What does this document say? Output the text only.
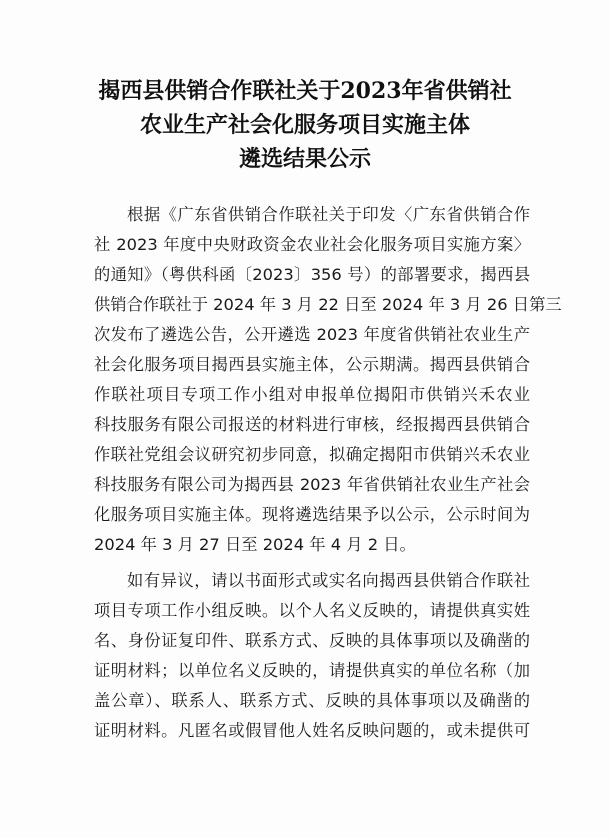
揭西县供销合作联社关于2023年省供销社
农业生产社会化服务项目实施主体
遴选结果公示
根据《广东省供销合作联社关于印发〈广东省供销合作
社 2023 年度中央财政资金农业社会化服务项目实施方案〉
的通知》（粤供科函〔2023〕356 号）的部署要求，揭西县
供销合作联社于 2024 年 3 月 22 日至 2024 年 3 月 26 日第三
次发布了遴选公告，公开遴选 2023 年度省供销社农业生产
社会化服务项目揭西县实施主体，公示期满。揭西县供销合
作联社项目专项工作小组对申报单位揭阳市供销兴禾农业
科技服务有限公司报送的材料进行审核，经报揭西县供销合
作联社党组会议研究初步同意，拟确定揭阳市供销兴禾农业
科技服务有限公司为揭西县 2023 年省供销社农业生产社会
化服务项目实施主体。现将遴选结果予以公示，公示时间为
2024 年 3 月 27 日至 2024 年 4 月 2 日。
如有异议，请以书面形式或实名向揭西县供销合作联社
项目专项工作小组反映。以个人名义反映的，请提供真实姓
名、身份证复印件、联系方式、反映的具体事项以及确凿的
证明材料；以单位名义反映的，请提供真实的单位名称（加
盖公章）、联系人、联系方式、反映的具体事项以及确凿的
证明材料。凡匿名或假冒他人姓名反映问题的，或未提供可
